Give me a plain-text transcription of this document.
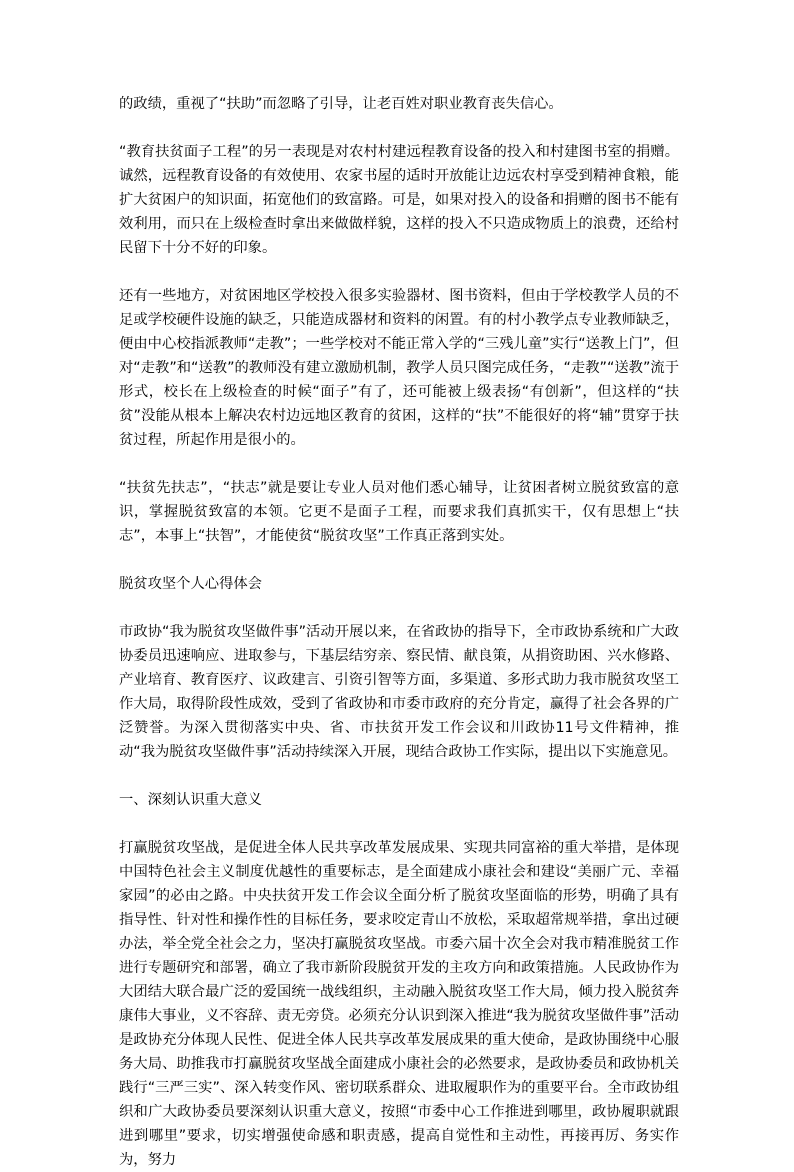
的政绩，重视了“扶助”而忽略了引导，让老百姓对职业教育丧失信心。

“教育扶贫面子工程”的另一表现是对农村村建远程教育设备的投入和村建图书室的捐赠。诚然，远程教育设备的有效使用、农家书屋的适时开放能让边远农村享受到精神食粮，能扩大贫困户的知识面，拓宽他们的致富路。可是，如果对投入的设备和捐赠的图书不能有效利用，而只在上级检查时拿出来做做样貌，这样的投入不只造成物质上的浪费，还给村民留下十分不好的印象。

还有一些地方，对贫困地区学校投入很多实验器材、图书资料，但由于学校教学人员的不足或学校硬件设施的缺乏，只能造成器材和资料的闲置。有的村小教学点专业教师缺乏，便由中心校指派教师“走教”；一些学校对不能正常入学的“三残儿童”实行“送教上门”，但对“走教”和“送教”的教师没有建立激励机制，教学人员只图完成任务，“走教”“送教”流于形式，校长在上级检查的时候“面子”有了，还可能被上级表扬“有创新”，但这样的“扶贫”没能从根本上解决农村边远地区教育的贫困，这样的“扶”不能很好的将“辅”贯穿于扶贫过程，所起作用是很小的。

“扶贫先扶志”，“扶志”就是要让专业人员对他们悉心辅导，让贫困者树立脱贫致富的意识，掌握脱贫致富的本领。它更不是面子工程，而要求我们真抓实干，仅有思想上“扶志”，本事上“扶智”，才能使贫“脱贫攻坚”工作真正落到实处。

脱贫攻坚个人心得体会

市政协“我为脱贫攻坚做件事”活动开展以来，在省政协的指导下，全市政协系统和广大政协委员迅速响应、进取参与，下基层结穷亲、察民情、献良策，从捐资助困、兴水修路、产业培育、教育医疗、议政建言、引资引智等方面，多渠道、多形式助力我市脱贫攻坚工作大局，取得阶段性成效，受到了省政协和市委市政府的充分肯定，赢得了社会各界的广泛赞誉。为深入贯彻落实中央、省、市扶贫开发工作会议和川政协11号文件精神，推动“我为脱贫攻坚做件事”活动持续深入开展，现结合政协工作实际，提出以下实施意见。

一、深刻认识重大意义

打赢脱贫攻坚战，是促进全体人民共享改革发展成果、实现共同富裕的重大举措，是体现中国特色社会主义制度优越性的重要标志，是全面建成小康社会和建设“美丽广元、幸福家园”的必由之路。中央扶贫开发工作会议全面分析了脱贫攻坚面临的形势，明确了具有指导性、针对性和操作性的目标任务，要求咬定青山不放松，采取超常规举措，拿出过硬办法，举全党全社会之力，坚决打赢脱贫攻坚战。市委六届十次全会对我市精准脱贫工作进行专题研究和部署，确立了我市新阶段脱贫开发的主攻方向和政策措施。人民政协作为大团结大联合最广泛的爱国统一战线组织，主动融入脱贫攻坚工作大局，倾力投入脱贫奔康伟大事业，义不容辞、责无旁贷。必须充分认识到深入推进“我为脱贫攻坚做件事”活动是政协充分体现人民性、促进全体人民共享改革发展成果的重大使命，是政协围绕中心服务大局、助推我市打赢脱贫攻坚战全面建成小康社会的必然要求，是政协委员和政协机关践行“三严三实”、深入转变作风、密切联系群众、进取履职作为的重要平台。全市政协组织和广大政协委员要深刻认识重大意义，按照“市委中心工作推进到哪里，政协履职就跟进到哪里”要求，切实增强使命感和职责感，提高自觉性和主动性，再接再厉、务实作为，努力
